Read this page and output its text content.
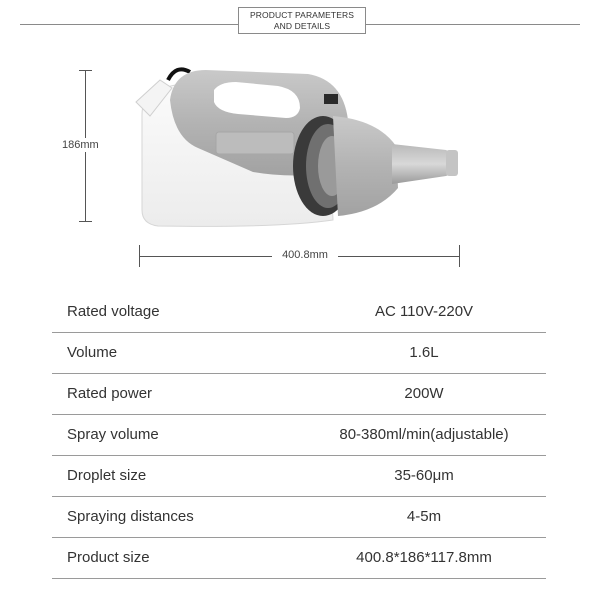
PRODUCT PARAMETERS
AND DETAILS
186mm
400.8mm
Rated voltage	AC 110V-220V
Volume	1.6L
Rated power	200W
Spray volume	80-380ml/min(adjustable)
Droplet size	35-60μm
Spraying distances	4-5m
Product size	400.8*186*117.8mm
